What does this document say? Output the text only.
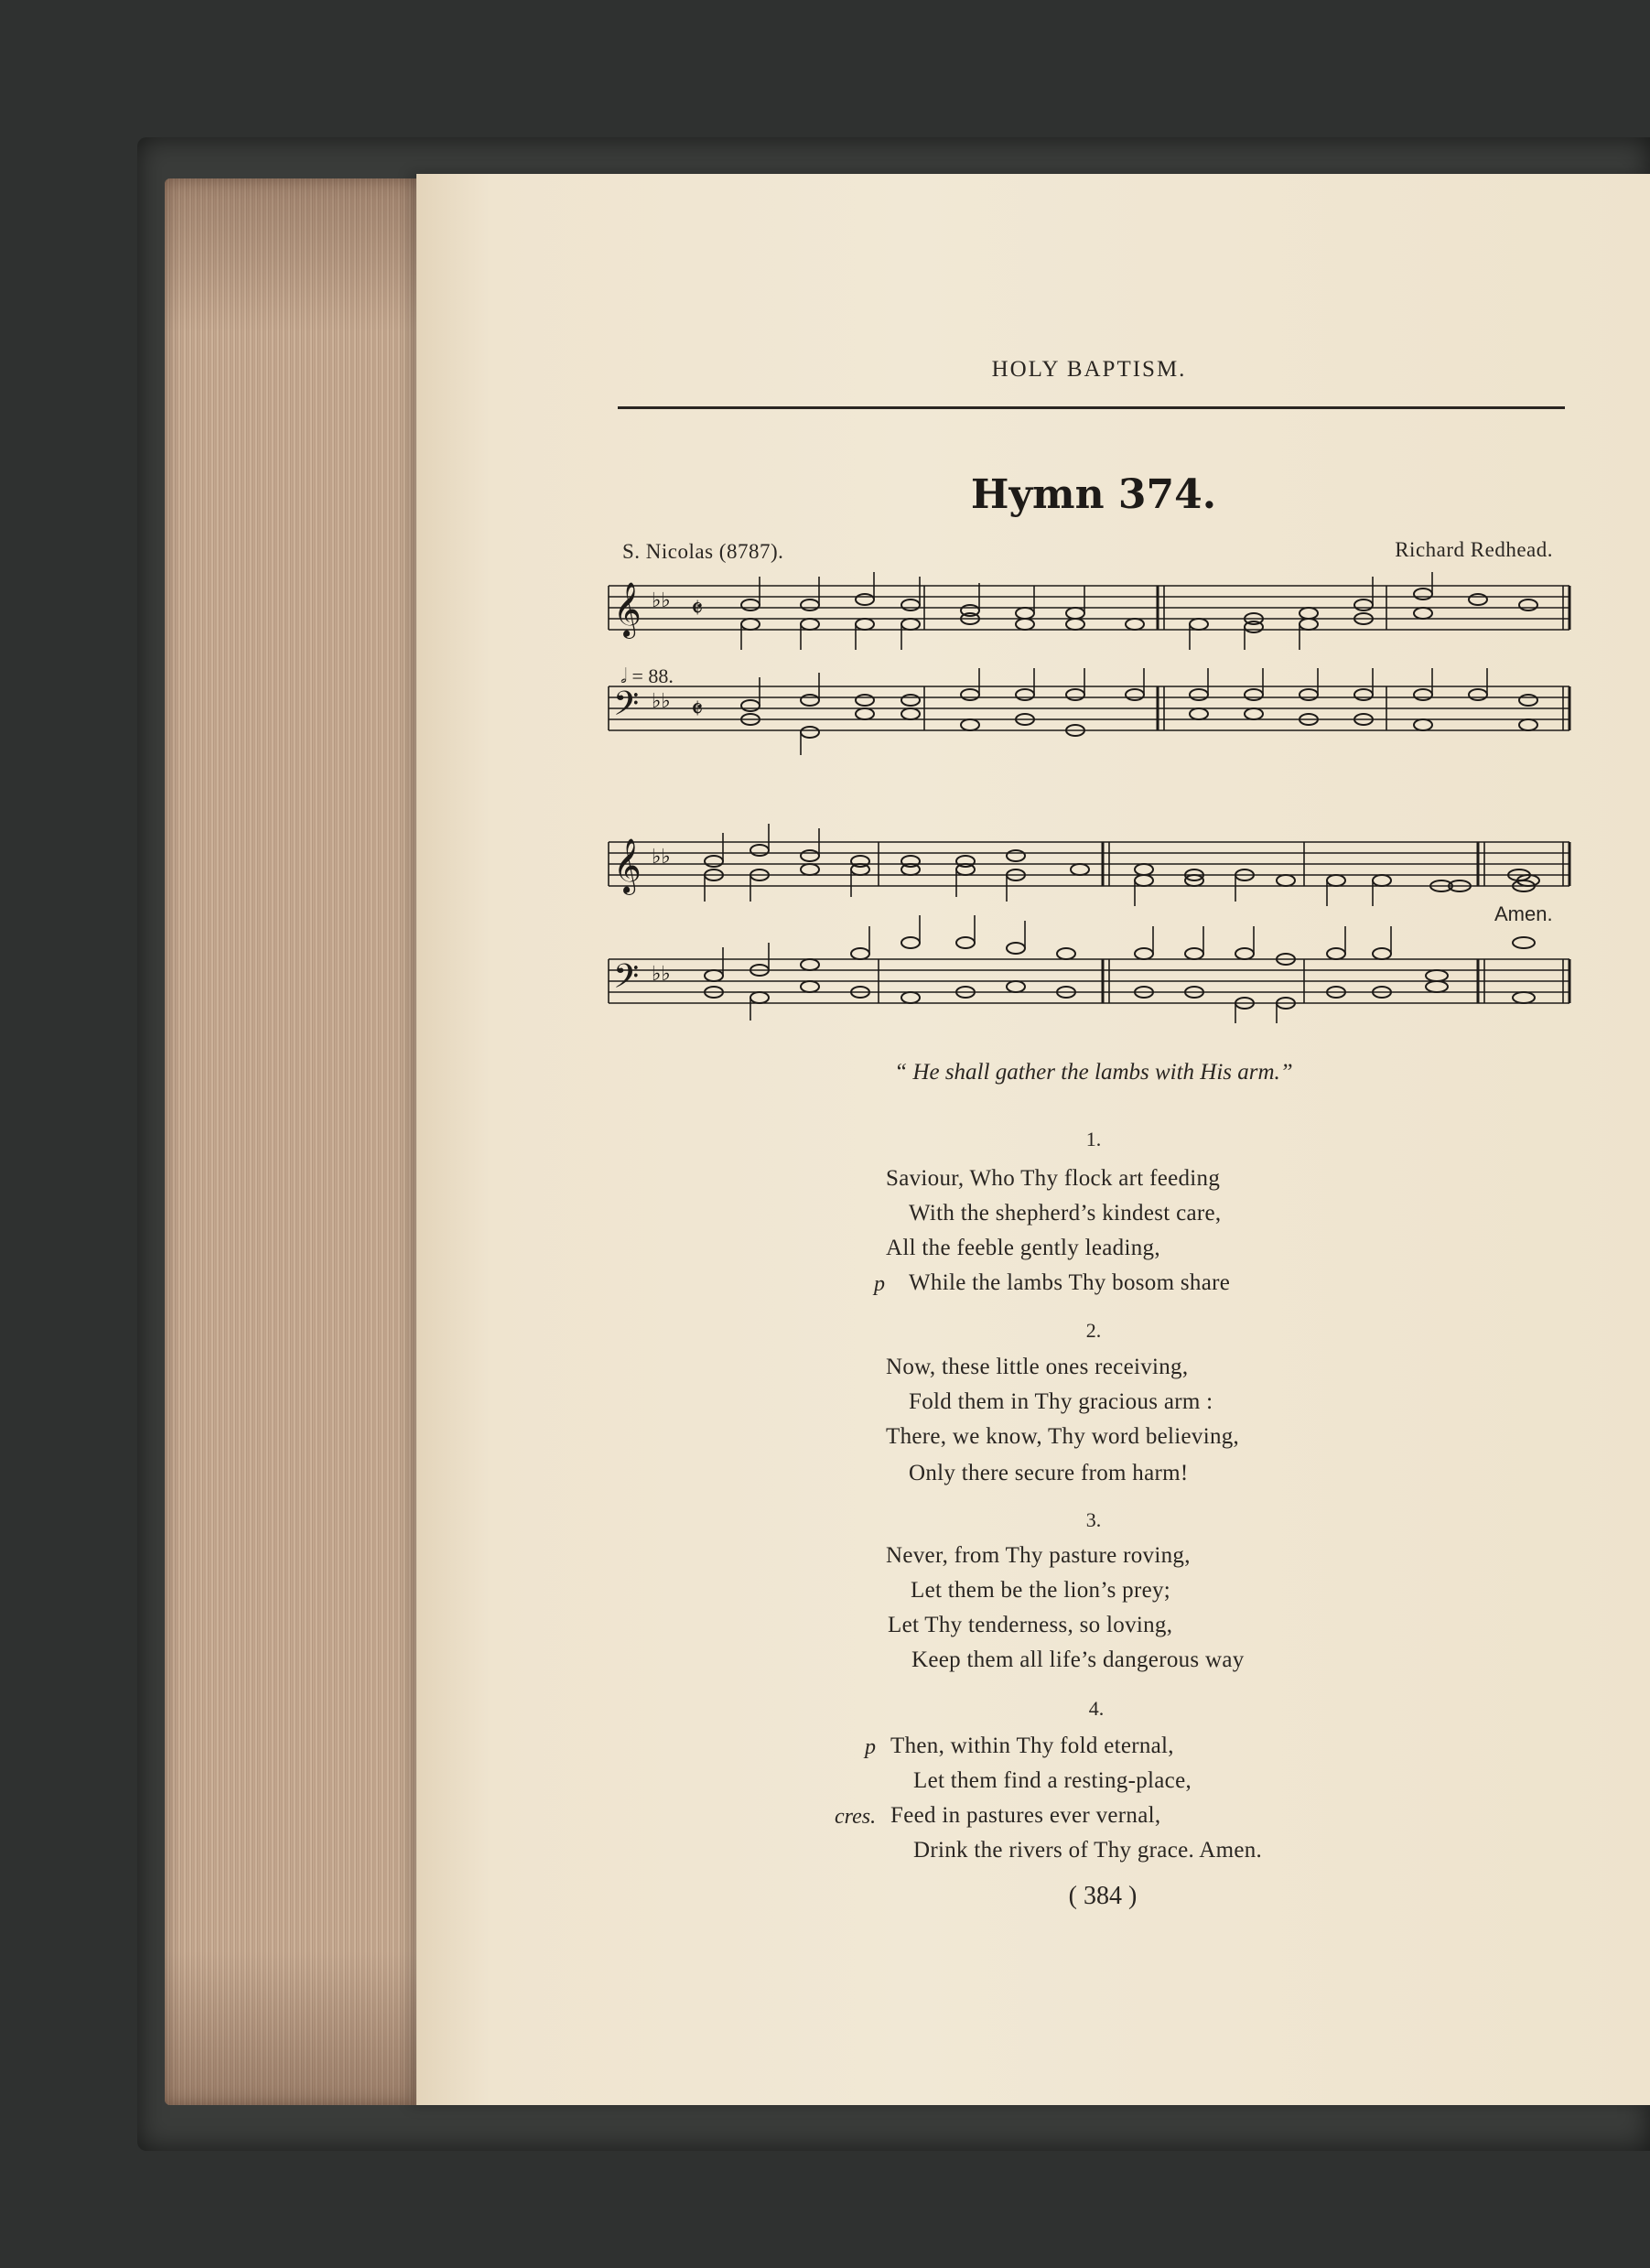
HOLY BAPTISM.
Hymn 374.
S. Nicolas (8787).	Richard Redhead.
𝄞
𝄢
♭♭
♭♭
𝄵
𝄵
𝅗𝅥 = 88.
𝄞
𝄢
♭♭
♭♭
Amen.
“ He shall gather the lambs with His arm.”
1.
Saviour, Who Thy flock art feeding
With the shepherd’s kindest care,
All the feeble gently leading,
p While the lambs Thy bosom share
2.
Now, these little ones receiving,
Fold them in Thy gracious arm :
There, we know, Thy word believing,
Only there secure from harm!
3.
Never, from Thy pasture roving,
Let them be the lion’s prey;
Let Thy tenderness, so loving,
Keep them all life’s dangerous way
4.
p Then, within Thy fold eternal,
Let them find a resting-place,
cres. Feed in pastures ever vernal,
Drink the rivers of Thy grace. Amen.
( 384 )
